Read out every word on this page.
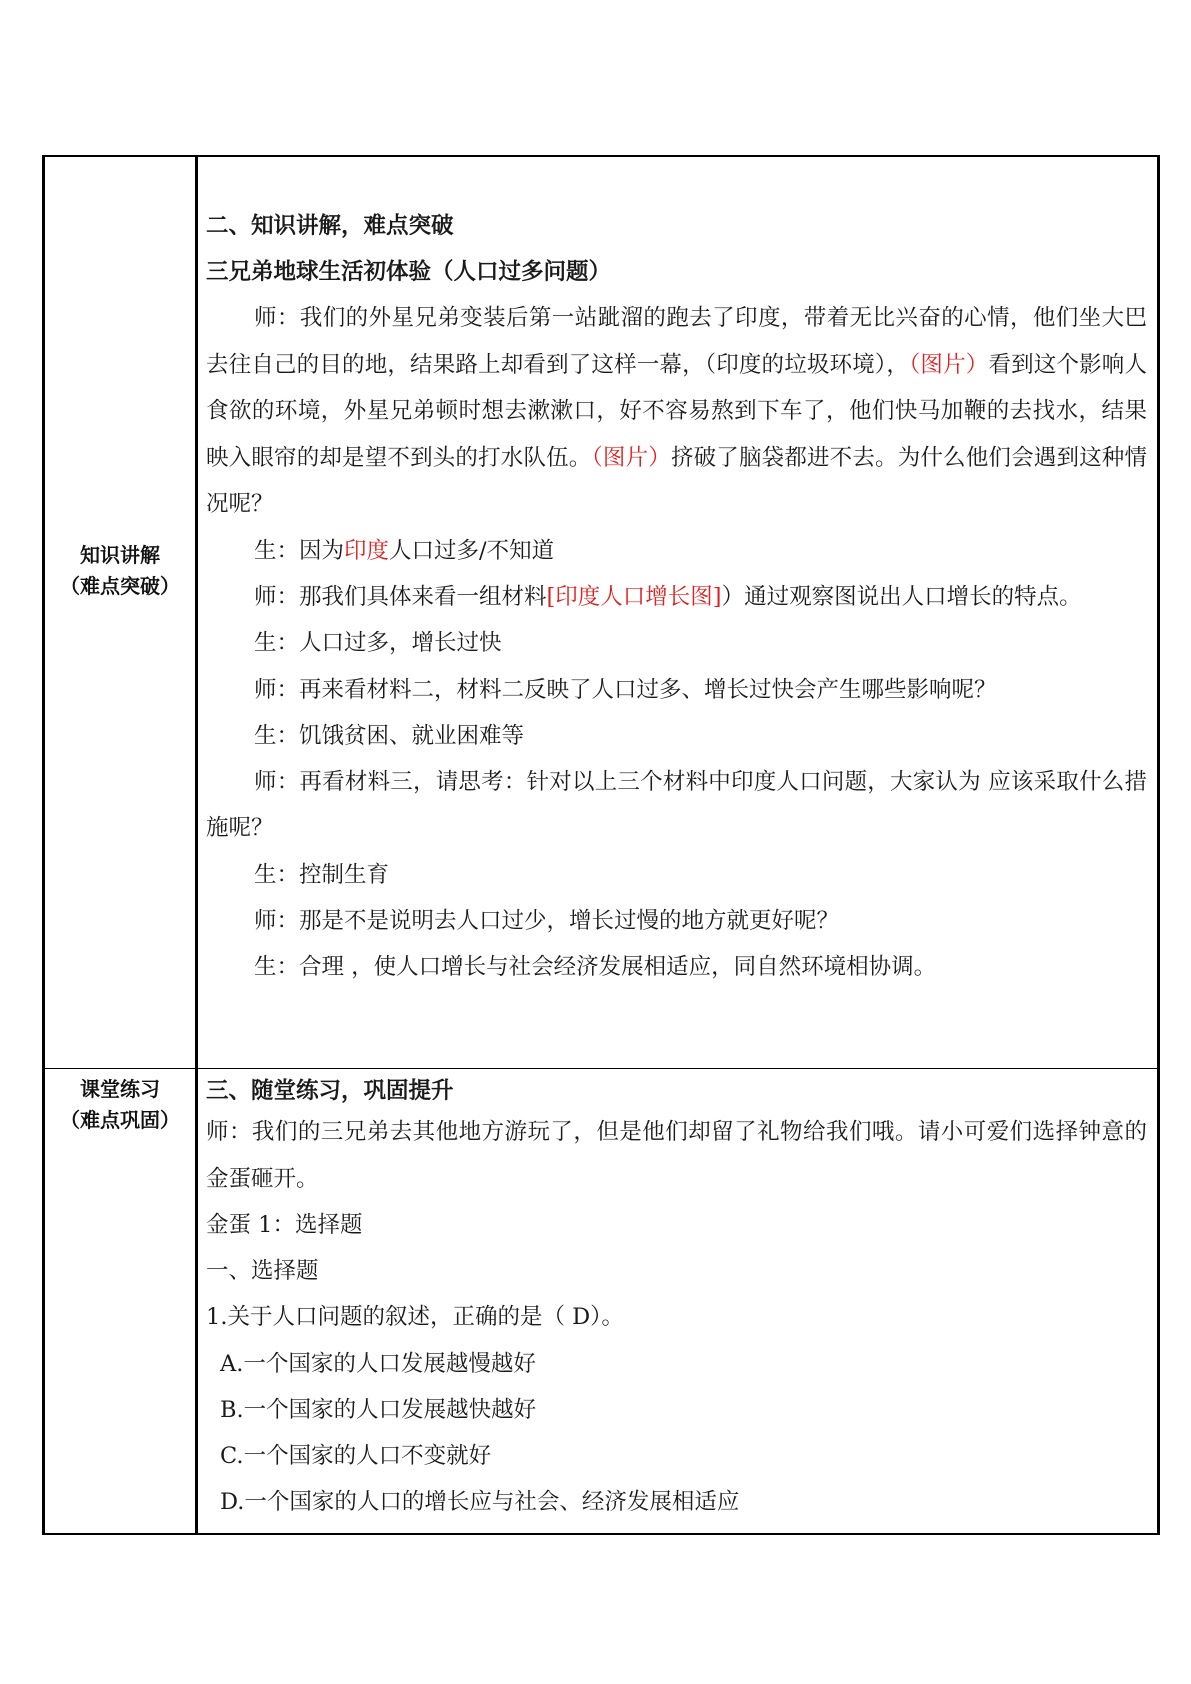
知识讲解
（难点突破）

二、知识讲解，难点突破

三兄弟地球生活初体验（人口过多问题）

师：我们的外星兄弟变装后第一站跐溜的跑去了印度，带着无比兴奋的心情，他们坐大巴去往自己的目的地，结果路上却看到了这样一幕，（印度的垃圾环境），（图片）看到这个影响人食欲的环境，外星兄弟顿时想去漱漱口，好不容易熬到下车了，他们快马加鞭的去找水，结果映入眼帘的却是望不到头的打水队伍。（图片）挤破了脑袋都进不去。为什么他们会遇到这种情况呢？

生：因为印度人口过多/不知道

师：那我们具体来看一组材料[印度人口增长图]）通过观察图说出人口增长的特点。

生：人口过多，增长过快

师：再来看材料二，材料二反映了人口过多、增长过快会产生哪些影响呢？

生：饥饿贫困、就业困难等

师：再看材料三，请思考：针对以上三个材料中印度人口问题，大家认为 应该采取什么措施呢？

生：控制生育

师：那是不是说明去人口过少，增长过慢的地方就更好呢？

生：合理 ，使人口增长与社会经济发展相适应，同自然环境相协调。

课堂练习
（难点巩固）

三、随堂练习，巩固提升

师：我们的三兄弟去其他地方游玩了，但是他们却留了礼物给我们哦。请小可爱们选择钟意的金蛋砸开。

金蛋 1：选择题

一、选择题

1.关于人口问题的叙述，正确的是（ D）。

A.一个国家的人口发展越慢越好

B.一个国家的人口发展越快越好

C.一个国家的人口不变就好

D.一个国家的人口的增长应与社会、经济发展相适应
